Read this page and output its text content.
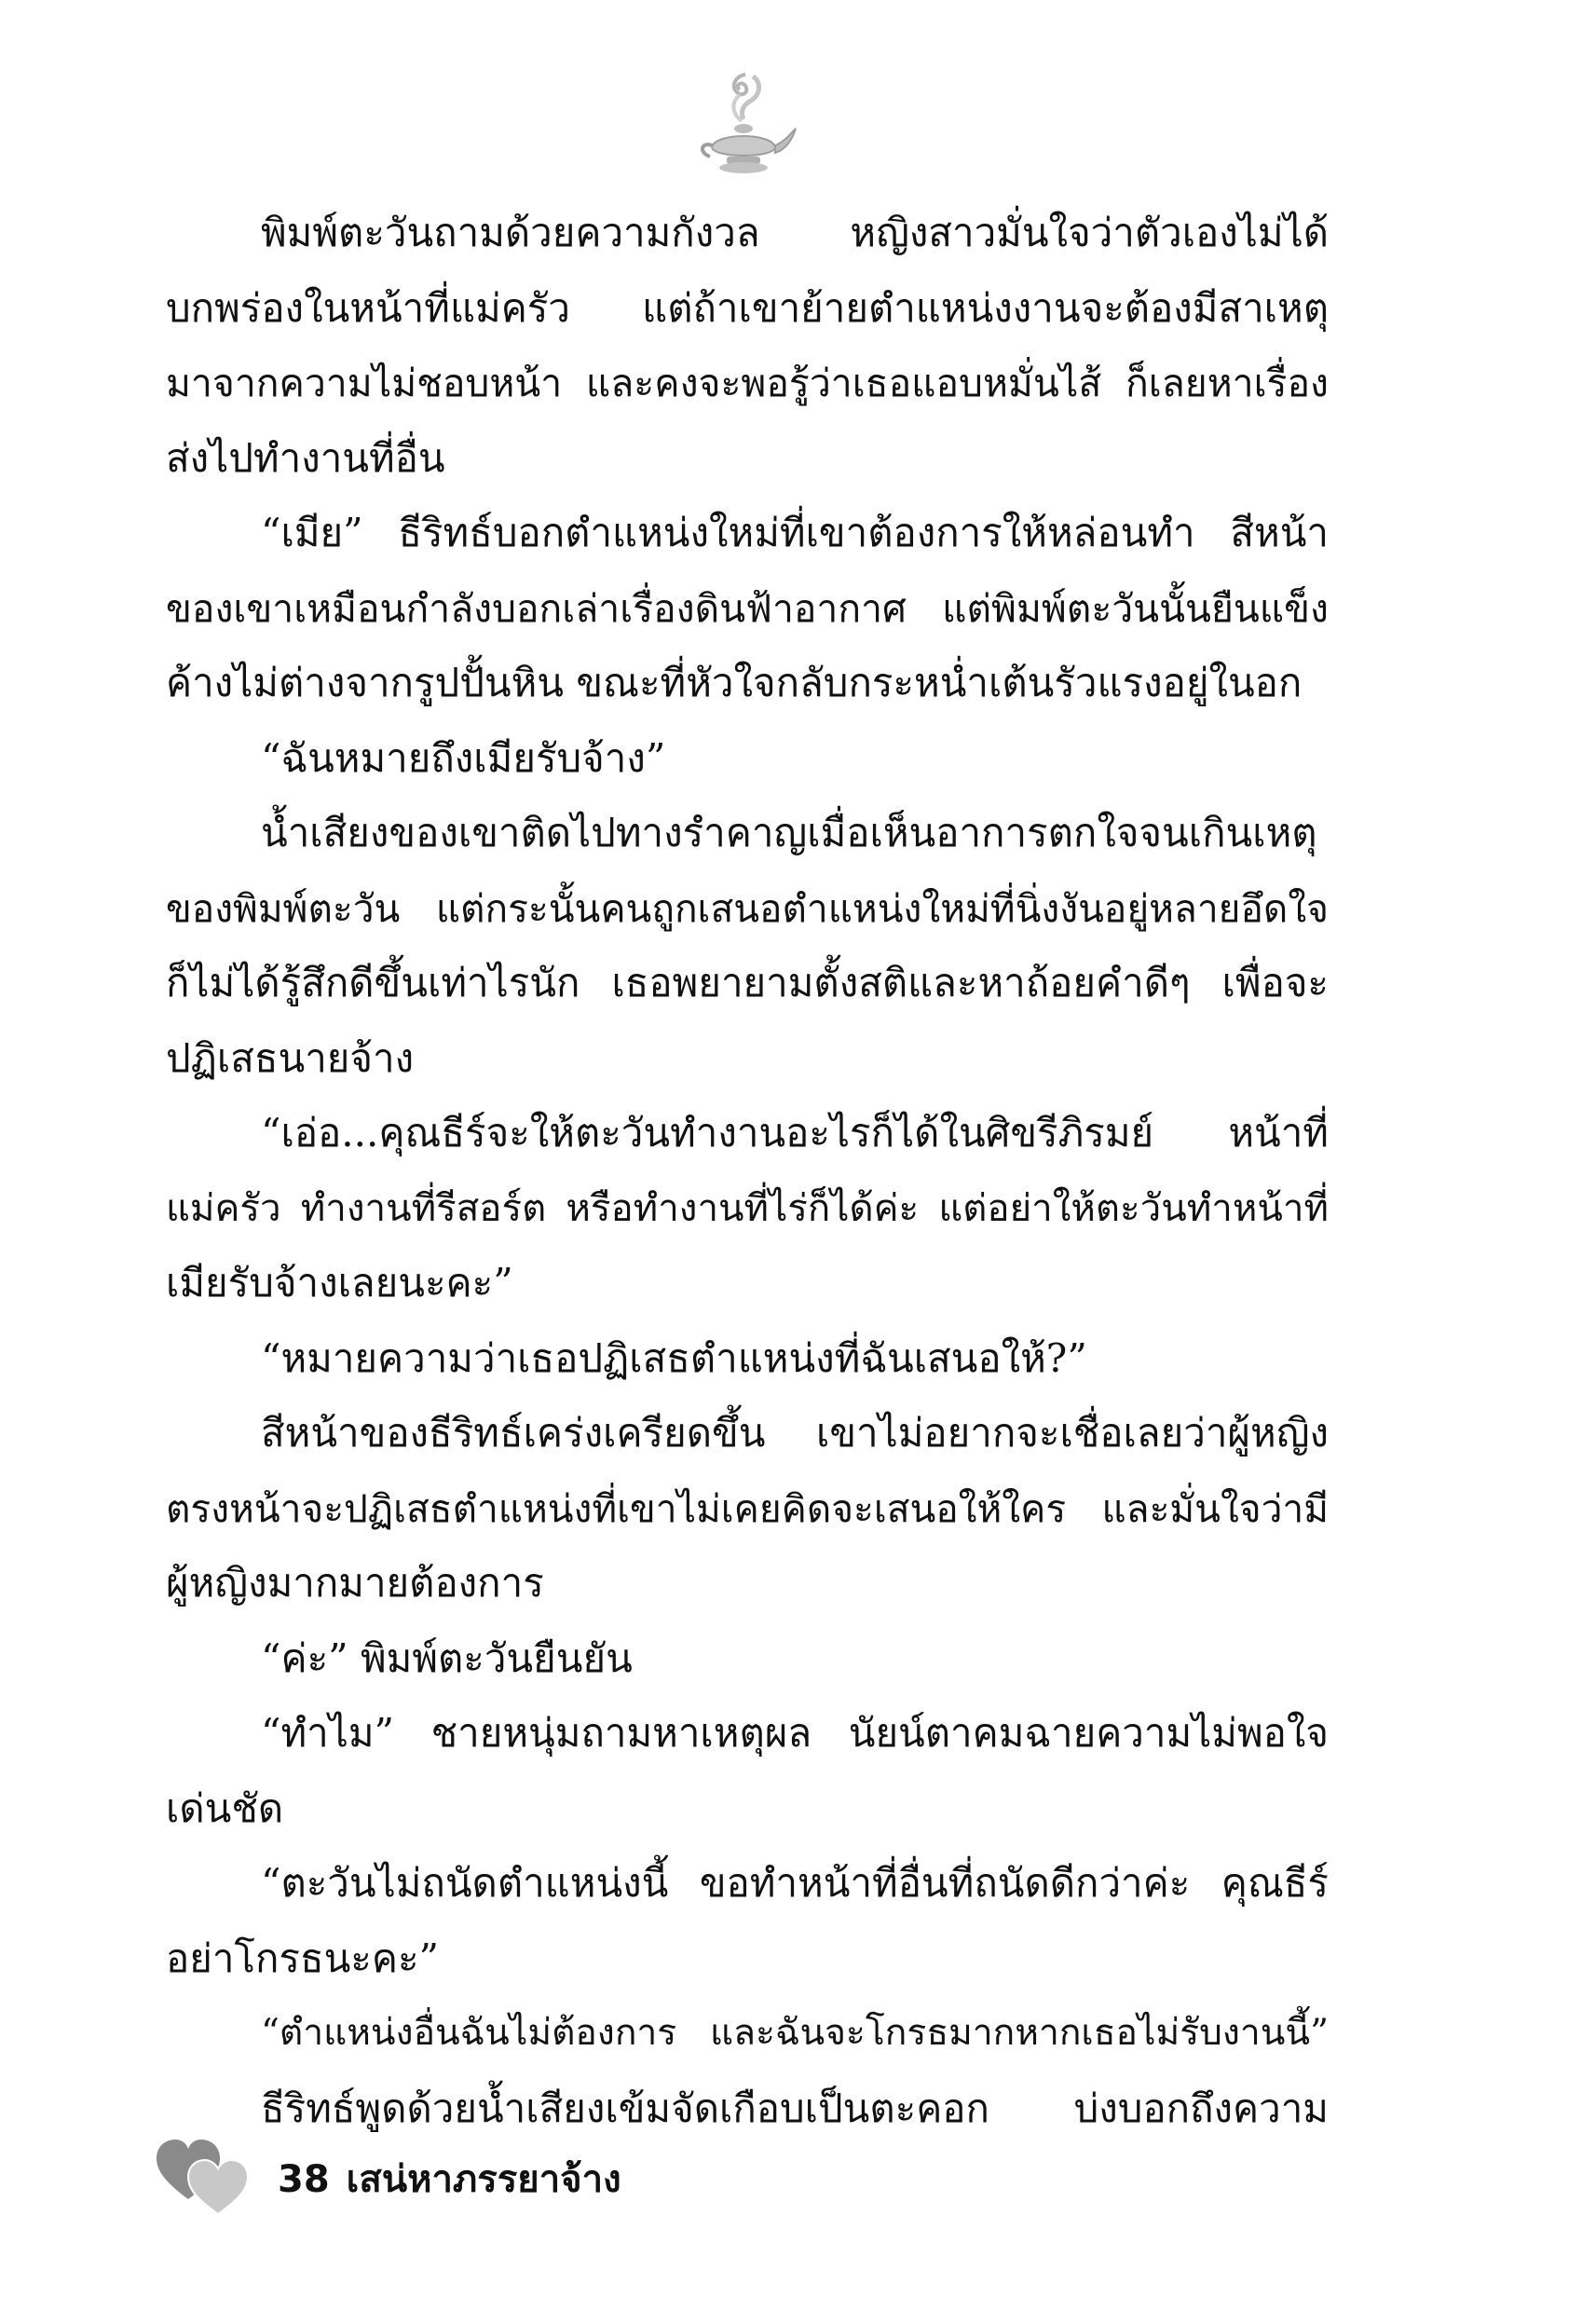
พิมพ์ตะวันถามด้วยความกังวล หญิงสาวมั่นใจว่าตัวเองไม่ได้
บกพร่องในหน้าที่แม่ครัว แต่ถ้าเขาย้ายตำแหน่งงานจะต้องมีสาเหตุ
มาจากความไม่ชอบหน้า และคงจะพอรู้ว่าเธอแอบหมั่นไส้ ก็เลยหาเรื่อง
ส่งไปทำงานที่อื่น
“เมีย” ธีริทธ์บอกตำแหน่งใหม่ที่เขาต้องการให้หล่อนทำ สีหน้า
ของเขาเหมือนกำลังบอกเล่าเรื่องดินฟ้าอากาศ แต่พิมพ์ตะวันนั้นยืนแข็ง
ค้างไม่ต่างจากรูปปั้นหิน ขณะที่หัวใจกลับกระหน่ำเต้นรัวแรงอยู่ในอก
“ฉันหมายถึงเมียรับจ้าง”
น้ำเสียงของเขาติดไปทางรำคาญเมื่อเห็นอาการตกใจจนเกินเหตุ
ของพิมพ์ตะวัน แต่กระนั้นคนถูกเสนอตำแหน่งใหม่ที่นิ่งงันอยู่หลายอึดใจ
ก็ไม่ได้รู้สึกดีขึ้นเท่าไรนัก เธอพยายามตั้งสติและหาถ้อยคำดีๆ เพื่อจะ
ปฏิเสธนายจ้าง
“เอ่อ...คุณธีร์จะให้ตะวันทำงานอะไรก็ได้ในศิขรีภิรมย์ หน้าที่
แม่ครัว ทำงานที่รีสอร์ต หรือทำงานที่ไร่ก็ได้ค่ะ แต่อย่าให้ตะวันทำหน้าที่
เมียรับจ้างเลยนะคะ”
“หมายความว่าเธอปฏิเสธตำแหน่งที่ฉันเสนอให้?”
สีหน้าของธีริทธ์เคร่งเครียดขึ้น เขาไม่อยากจะเชื่อเลยว่าผู้หญิง
ตรงหน้าจะปฏิเสธตำแหน่งที่เขาไม่เคยคิดจะเสนอให้ใคร และมั่นใจว่ามี
ผู้หญิงมากมายต้องการ
“ค่ะ” พิมพ์ตะวันยืนยัน
“ทำไม” ชายหนุ่มถามหาเหตุผล นัยน์ตาคมฉายความไม่พอใจ
เด่นชัด
“ตะวันไม่ถนัดตำแหน่งนี้ ขอทำหน้าที่อื่นที่ถนัดดีกว่าค่ะ คุณธีร์
อย่าโกรธนะคะ”
“ตำแหน่งอื่นฉันไม่ต้องการ และฉันจะโกรธมากหากเธอไม่รับงานนี้”
ธีริทธ์พูดด้วยน้ำเสียงเข้มจัดเกือบเป็นตะคอก บ่งบอกถึงความ
38 เสน่หาภรรยาจ้าง
